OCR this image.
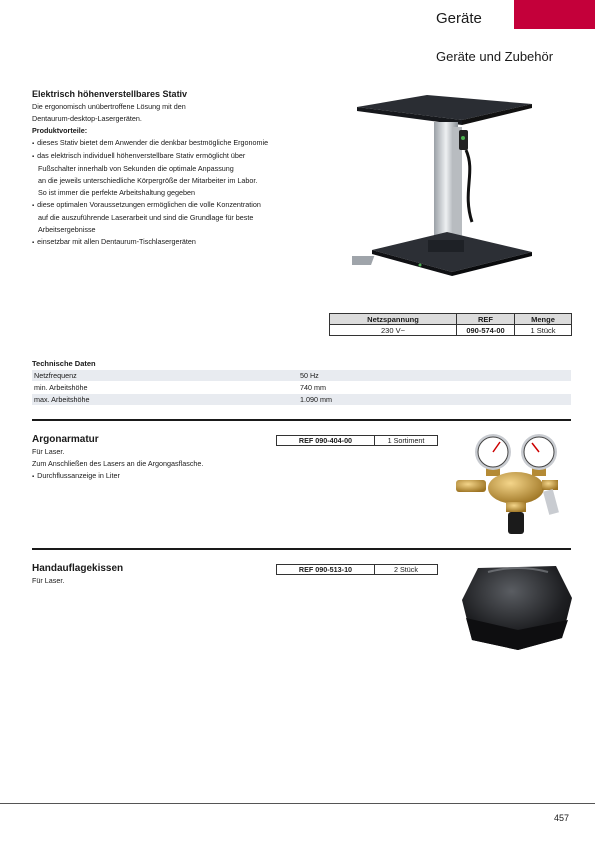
Geräte
Geräte und Zubehör
Elektrisch höhenverstellbares Stativ
Die ergonomisch unübertroffene Lösung mit den
Dentaurum-desktop-Lasergeräten.
Produktvorteile:
▪ dieses Stativ bietet dem Anwender die denkbar bestmögliche Ergonomie
▪ das elektrisch individuell höhenverstellbare Stativ ermöglicht über
Fußschalter innerhalb von Sekunden die optimale Anpassung
an die jeweils unterschiedliche Körpergröße der Mitarbeiter im Labor.
So ist immer die perfekte Arbeitshaltung gegeben
▪ diese optimalen Voraussetzungen ermöglichen die volle Konzentration
auf die auszuführende Laserarbeit und sind die Grundlage für beste
Arbeitsergebnisse
▪ einsetzbar mit allen Dentaurum-Tischlasergeräten
Netzspannung	REF	Menge
230 V~	090-574-00	1 Stück
Technische Daten
Netzfrequenz	50 Hz
min. Arbeitshöhe	740 mm
max. Arbeitshöhe	1.090 mm
Argonarmatur
Für Laser.
Zum Anschließen des Lasers an die Argongasflasche.
▪ Durchflussanzeige in Liter
REF 090-404-00	1 Sortiment
Handauflagekissen
Für Laser.
REF 090-513-10	2 Stück
457
